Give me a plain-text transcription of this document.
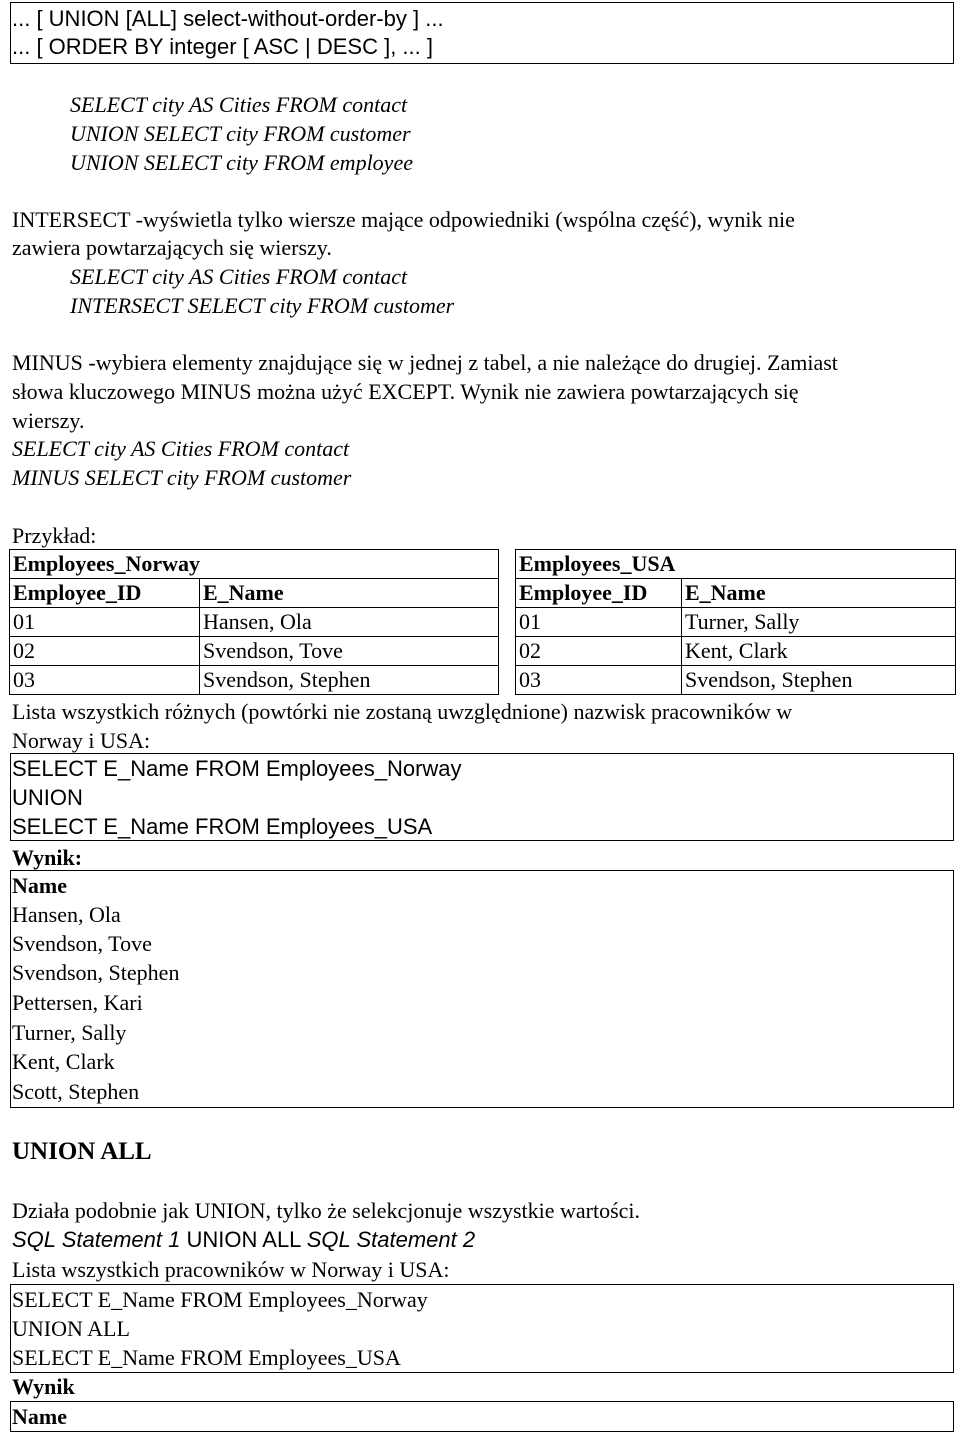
... [ UNION [ALL] select-without-order-by ] ...
... [ ORDER BY integer [ ASC | DESC ], ... ]
SELECT city AS Cities FROM contact
UNION SELECT city FROM customer
UNION SELECT city FROM employee
INTERSECT -wyświetla tylko wiersze mające odpowiedniki (wspólna część), wynik nie
zawiera powtarzających się wierszy.
SELECT city AS Cities FROM contact
INTERSECT SELECT city FROM customer
MINUS -wybiera elementy znajdujące się w jednej z tabel, a nie należące do drugiej. Zamiast
słowa kluczowego MINUS można użyć EXCEPT. Wynik nie zawiera powtarzających się
wierszy.
SELECT city AS Cities FROM contact
MINUS SELECT city FROM customer
Przykład:
Employees_Norway	
Employee_ID	E_Name
01	Hansen, Ola
02	Svendson, Tove
03	Svendson, Stephen
Employees_USA	
Employee_ID	E_Name
01	Turner, Sally
02	Kent, Clark
03	Svendson, Stephen
Lista wszystkich różnych (powtórki nie zostaną uwzględnione) nazwisk pracowników w
Norway i USA:
SELECT E_Name FROM Employees_Norway
UNION
SELECT E_Name FROM Employees_USA
Wynik:
Name
Hansen, Ola
Svendson, Tove
Svendson, Stephen
Pettersen, Kari
Turner, Sally
Kent, Clark
Scott, Stephen
UNION ALL
Działa podobnie jak UNION, tylko że selekcjonuje wszystkie wartości.
SQL Statement 1 UNION ALL SQL Statement 2
Lista wszystkich pracowników w Norway i USA:
SELECT E_Name FROM Employees_Norway
UNION ALL
SELECT E_Name FROM Employees_USA
Wynik
Name
